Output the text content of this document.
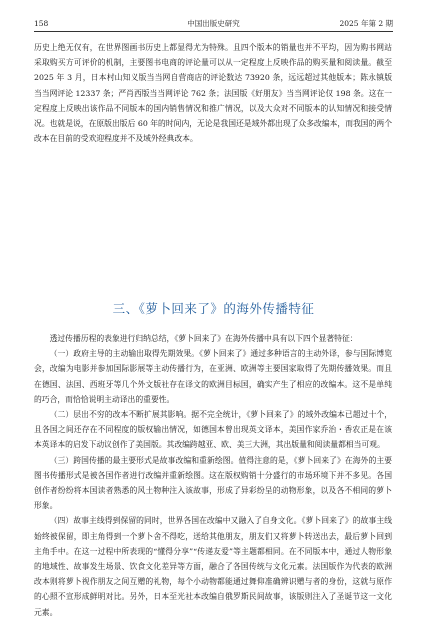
158	中国出版史研究	2025 年第 2 期

历史上绝无仅有，在世界图画书历史上都显得尤为特殊。且四个版本的销量也并不平均，因为购书网站采取购买方可评价的机制，主要图书电商的评论量可以从一定程度上反映作品的购买量和阅读量。截至 2025 年 3 月，日本村山知义版当当网自营商店的评论数达 73920 条，远远超过其他版本；陈永镇版当当网评论 12337 条；严肖西版当当网评论 762 条；法国版《好朋友》当当网评论仅 198 条。这在一定程度上反映出该作品不同版本的国内销售情况和推广情况，以及大众对不同版本的认知情况和接受情况。也就是说，在原版出版后 60 年的时间内，无论是我国还是域外都出现了众多改编本，而我国的两个改本在目前的受欢迎程度并不及域外经典改本。

三、《萝卜回来了》的海外传播特征

透过传播历程的表象进行归纳总结，《萝卜回来了》在海外传播中具有以下四个显著特征：

（一）政府主导的主动输出取得先期效果。《萝卜回来了》通过多种语言的主动外译，参与国际博览会，改编为电影并参加国际影展等主动传播行为，在亚洲、欧洲等主要国家取得了先期传播效果。而且在德国、法国、西班牙等几个外文版社存在译文的欧洲目标国，确实产生了相应的改编本。这不是单纯的巧合，而恰恰说明主动译出的重要性。

（二）层出不穷的改本不断扩展其影响。据不完全统计，《萝卜回来了》的域外改编本已超过十个，且各国之间还存在不同程度的版权输出情况，如德国本曾出现英文译本，美国作家乔治・香农正是在该本英译本的启发下动议创作了美国版。其改编跨越亚、欧、美三大洲，其出版量和阅读量都相当可观。

（三）跨国传播的最主要形式是故事改编和重新绘图。值得注意的是，《萝卜回来了》在海外的主要图书传播形式是被各国作者进行改编并重新绘图。这在版权购销十分盛行的市场环境下并不多见。各国创作者纷纷将本国读者熟悉的风土物种注入该故事，形成了异彩纷呈的动物形象，以及各不相同的萝卜形象。

（四）故事主线得到保留的同时，世界各国在改编中又融入了自身文化。《萝卜回来了》的故事主线始终被保留，即主角得到一个萝卜舍不得吃，送给其他朋友，朋友们又将萝卜转送出去，最后萝卜回到主角手中。在这一过程中所表现的“懂得分享”“传递友爱”等主题都相同。在不同版本中，通过人物形象的地域性、故事发生场景、饮食文化差异等方面，融合了各国传统与文化元素。法国版作为代表的欧洲改本则将萝卜视作朋友之间互赠的礼物，每个小动物都能通过舞仰准确辨识赠与者的身份，这就与原作的心照不宣形成鲜明对比。另外，日本至光社本改编自俄罗斯民间故事，该版则注入了圣诞节这一文化元素。
